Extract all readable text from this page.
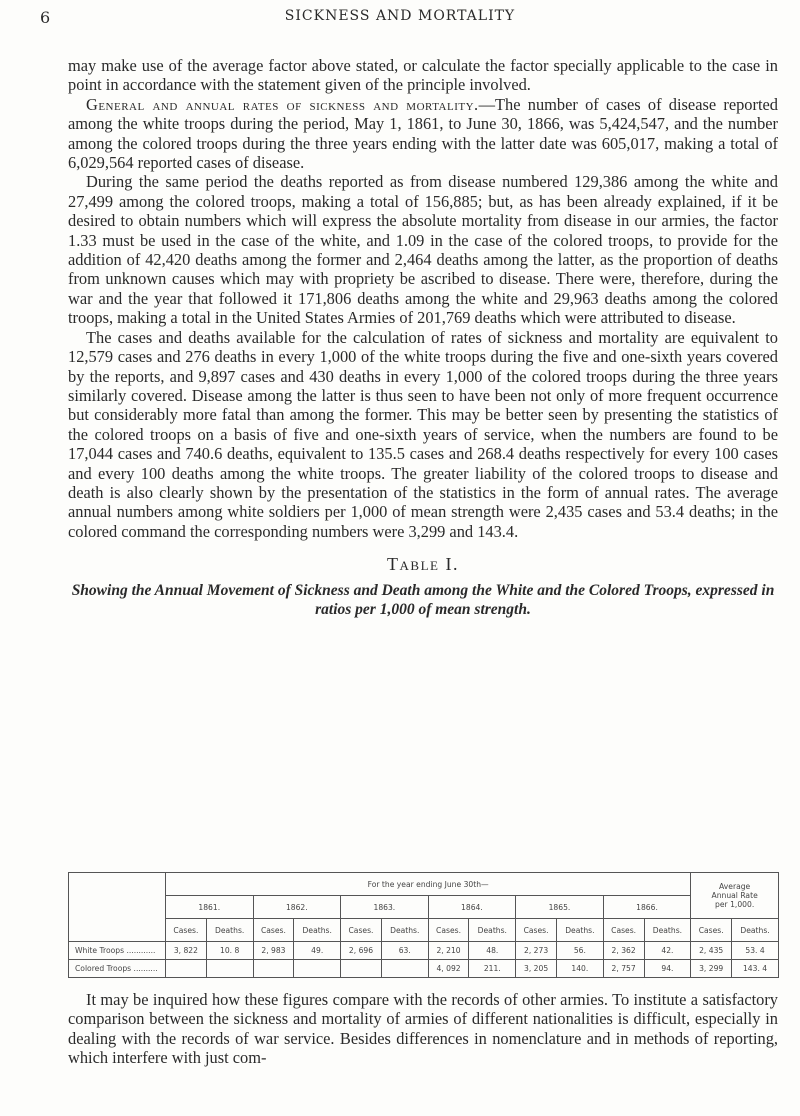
6	SICKNESS AND MORTALITY

may make use of the average factor above stated, or calculate the factor specially applicable to the case in point in accordance with the statement given of the principle involved.

General and annual rates of sickness and mortality.—The number of cases of disease reported among the white troops during the period, May 1, 1861, to June 30, 1866, was 5,424,547, and the number among the colored troops during the three years ending with the latter date was 605,017, making a total of 6,029,564 reported cases of disease.

During the same period the deaths reported as from disease numbered 129,386 among the white and 27,499 among the colored troops, making a total of 156,885; but, as has been already explained, if it be desired to obtain numbers which will express the absolute mortality from disease in our armies, the factor 1.33 must be used in the case of the white, and 1.09 in the case of the colored troops, to provide for the addition of 42,420 deaths among the former and 2,464 deaths among the latter, as the proportion of deaths from unknown causes which may with propriety be ascribed to disease. There were, therefore, during the war and the year that followed it 171,806 deaths among the white and 29,963 deaths among the colored troops, making a total in the United States Armies of 201,769 deaths which were attributed to disease.

The cases and deaths available for the calculation of rates of sickness and mortality are equivalent to 12,579 cases and 276 deaths in every 1,000 of the white troops during the five and one-sixth years covered by the reports, and 9,897 cases and 430 deaths in every 1,000 of the colored troops during the three years similarly covered. Disease among the latter is thus seen to have been not only of more frequent occurrence but considerably more fatal than among the former. This may be better seen by presenting the statistics of the colored troops on a basis of five and one-sixth years of service, when the numbers are found to be 17,044 cases and 740.6 deaths, equivalent to 135.5 cases and 268.4 deaths respectively for every 100 cases and every 100 deaths among the white troops. The greater liability of the colored troops to disease and death is also clearly shown by the presentation of the statistics in the form of annual rates. The average annual numbers among white soldiers per 1,000 of mean strength were 2,435 cases and 53.4 deaths; in the colored command the corresponding numbers were 3,299 and 143.4.

Table I.
Showing the Annual Movement of Sickness and Death among the White and the Colored Troops, expressed in ratios per 1,000 of mean strength.
	For the year ending June 30th—												Average
Annual Rate
per 1,000.	
	1861.		1862.		1863.		1864.		1865.		1866.			
	Cases.	Deaths.	Cases.	Deaths.	Cases.	Deaths.	Cases.	Deaths.	Cases.	Deaths.	Cases.	Deaths.	Cases.	Deaths.
White Troops ............	3, 822	10. 8	2, 983	49.	2, 696	63.	2, 210	48.	2, 273	56.	2, 362	42.	2, 435	53. 4
Colored Troops ..........							4, 092	211.	3, 205	140.	2, 757	94.	3, 299	143. 4

It may be inquired how these figures compare with the records of other armies. To institute a satisfactory comparison between the sickness and mortality of armies of different nationalities is difficult, especially in dealing with the records of war service. Besides differences in nomenclature and in methods of reporting, which interfere with just com-
